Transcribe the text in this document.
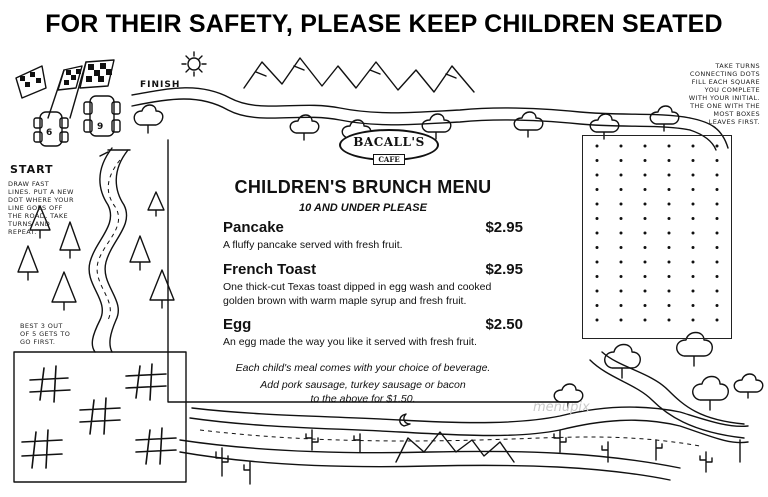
FOR THEIR SAFETY, PLEASE KEEP CHILDREN SEATED
FINISH
START
6
9
DRAW FAST
LINES. PUT A NEW
DOT WHERE YOUR
LINE GOES OFF
THE ROAD. TAKE
TURNS AND
REPEAT.
BEST 3 OUT
OF 5 GETS TO
GO FIRST.
TAKE TURNS
CONNECTING DOTS
FILL EACH SQUARE
YOU COMPLETE
WITH YOUR INITIAL.
THE ONE WITH THE
MOST BOXES
LEAVES FIRST.
BACALL'S
CAFE
CHILDREN'S BRUNCH MENU
10 AND UNDER PLEASE
Pancake	$2.95
A fluffy pancake served with fresh fruit.
French Toast	$2.95
One thick-cut Texas toast dipped in egg wash and cooked
golden brown with warm maple syrup and fresh fruit.
Egg	$2.50
An egg made the way you like it served with fresh fruit.
Each child's meal comes with your choice of beverage.
Add pork sausage, turkey sausage or bacon
to the above for $1.50.
menupix
